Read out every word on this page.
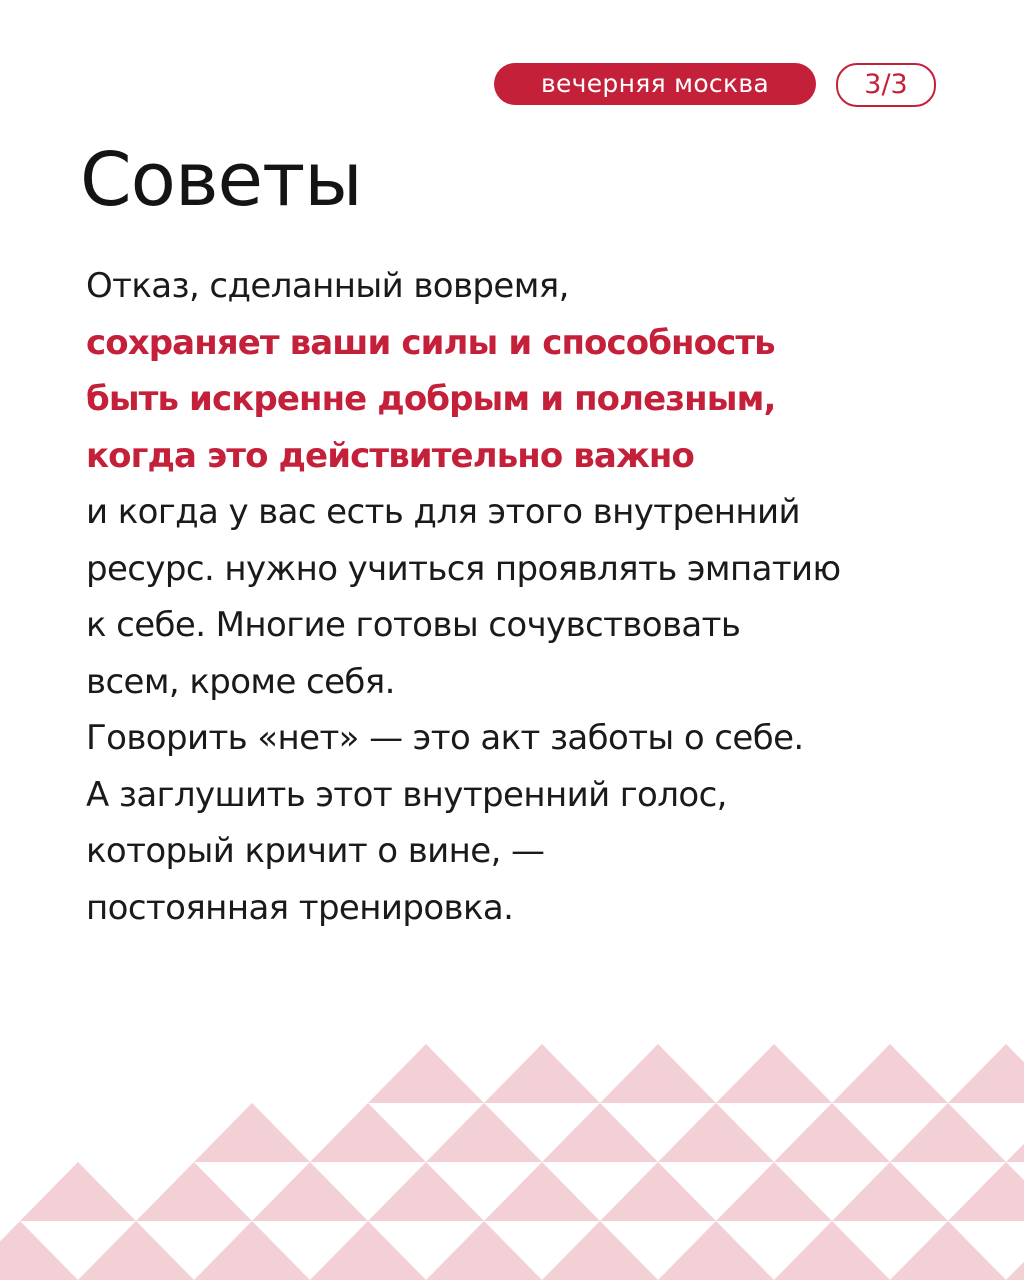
вечерняя москва	3/3
Советы
Отказ, сделанный вовремя,
сохраняет ваши силы и способность
быть искренне добрым и полезным,
когда это действительно важно
и когда у вас есть для этого внутренний
ресурс. нужно учиться проявлять эмпатию
к себе. Многие готовы сочувствовать
всем, кроме себя.
Говорить «нет» — это акт заботы о себе.
А заглушить этот внутренний голос,
который кричит о вине, —
постоянная тренировка.
